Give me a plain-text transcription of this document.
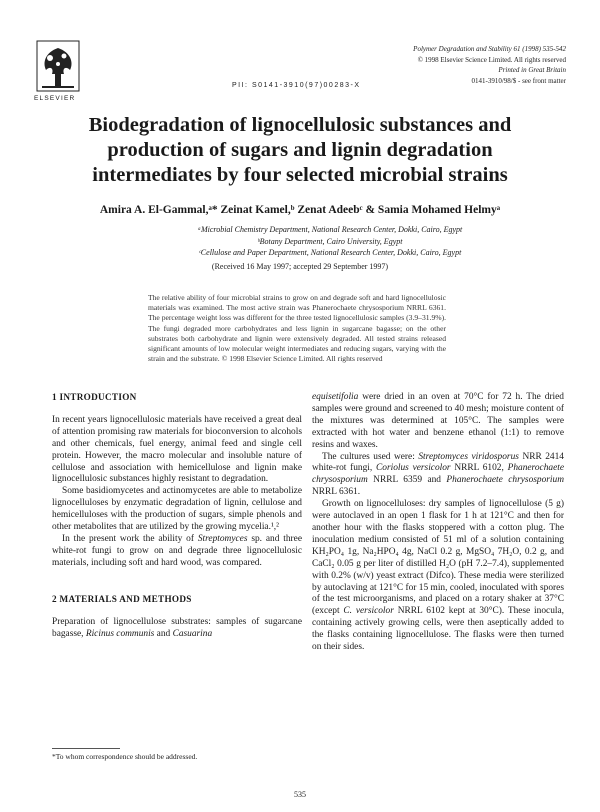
ELSEVIER
PII: S0141-3910(97)00283-X
Polymer Degradation and Stability 61 (1998) 535-542
© 1998 Elsevier Science Limited. All rights reserved
Printed in Great Britain
0141-3910/98/$ - see front matter
Biodegradation of lignocellulosic substances and
production of sugars and lignin degradation
intermediates by four selected microbial strains
Amira A. El-Gammal,ᵃ* Zeinat Kamel,ᵇ Zenat Adeebᶜ & Samia Mohamed Helmyᵃ
ᵃMicrobial Chemistry Department, National Research Center, Dokki, Cairo, Egypt
ᵇBotany Department, Cairo University, Egypt
ᶜCellulose and Paper Department, National Research Center, Dokki, Cairo, Egypt
(Received 16 May 1997; accepted 29 September 1997)
The relative ability of four microbial strains to grow on and degrade soft and hard lignocellulosic materials was examined. The most active strain was Phanerochaete chrysosporium NRRL 6361. The percentage weight loss was different for the three tested lignocellulosic samples (3.9–31.9%). The fungi degraded more carbohydrates and less lignin in sugarcane bagasse; on the other substrates both carbohydrate and lignin were extensively degraded. All tested strains released significant amounts of low molecular weight intermediates and reducing sugars, varying with the strain and the substrate. © 1998 Elsevier Science Limited. All rights reserved
1 INTRODUCTION

In recent years lignocellulosic materials have received a great deal of attention promising raw materials for bioconversion to alcohols and other chemicals, fuel energy, animal feed and single cell protein. However, the macro molecular and insoluble nature of cellulose and association with hemicellulose and lignin make lignocellulosic substances highly resistant to degradation.

Some basidiomycetes and actinomycetes are able to metabolize lignocelluloses by enzymatic degradation of lignin, cellulose and hemicelluloses with the production of sugars, simple phenols and other metabolites that are utilized by the growing mycelia.¹,²

In the present work the ability of Streptomyces sp. and three white-rot fungi to grow on and degrade three lignocellulosic materials, including soft and hard wood, was compared.

2 MATERIALS AND METHODS

Preparation of lignocellulose substrates: samples of sugarcane bagasse, Ricinus communis and Casuarina

equisetifolia were dried in an oven at 70°C for 72 h. The dried samples were ground and screened to 40 mesh; moisture content of the mixtures was determined at 105°C. The samples were extracted with hot water and benzene ethanol (1:1) to remove resins and waxes.

The cultures used were: Streptomyces viridosporus NRR 2414 white-rot fungi, Coriolus versicolor NRRL 6102, Phanerochaete chrysosporium NRRL 6359 and Phanerochaete chrysosporium NRRL 6361.

Growth on lignocelluloses: dry samples of lignocellulose (5 g) were autoclaved in an open 1 flask for 1 h at 121°C and then for another hour with the flasks stoppered with a cotton plug. The inoculation medium consisted of 51 ml of a solution containing KH₂PO₄ 1g, Na₂HPO₄ 4g, NaCl 0.2 g, MgSO₄ 7H₂O, 0.2 g, and CaCl₂ 0.05 g per liter of distilled H₂O (pH 7.2–7.4), supplemented with 0.2% (w/v) yeast extract (Difco). These media were sterilized by autoclaving at 121°C for 15 min, cooled, inoculated with spores of the test microorganisms, and placed on a rotary shaker at 37°C (except C. versicolor NRRL 6102 kept at 30°C). These inocula, containing actively growing cells, were then aseptically added to the flasks containing lignocellulose. The flasks were then turned on their sides.

*To whom correspondence should be addressed.
535
